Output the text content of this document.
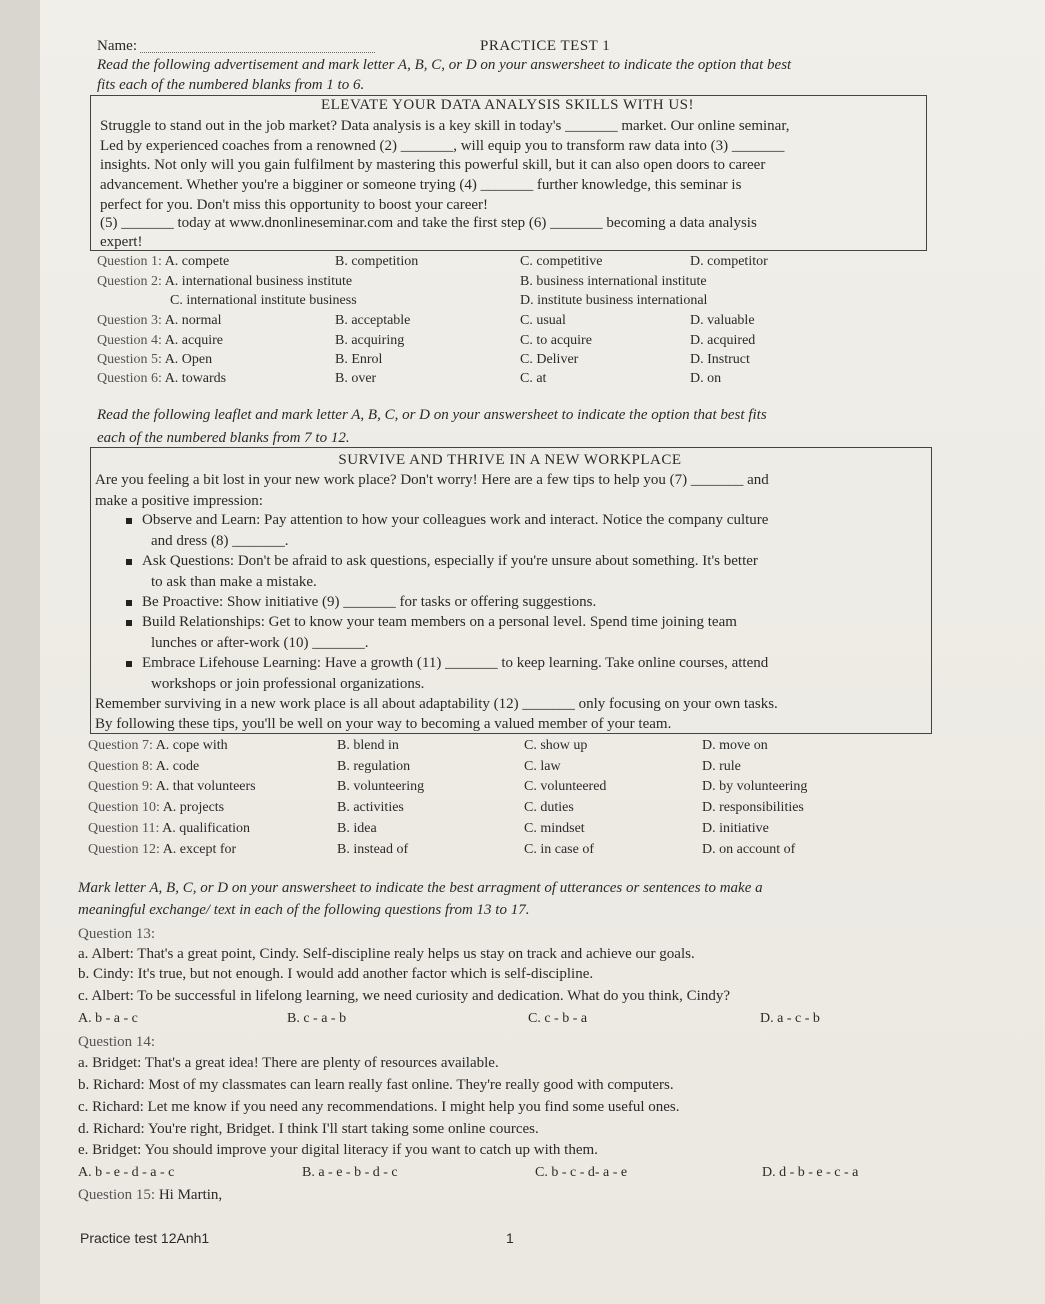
Name:	PRACTICE TEST 1
Read the following advertisement and mark letter A, B, C, or D on your answersheet to indicate the option that best
fits each of the numbered blanks from 1 to 6.
ELEVATE YOUR DATA ANALYSIS SKILLS WITH US!
Struggle to stand out in the job market? Data analysis is a key skill in today's _______ market. Our online seminar,
Led by experienced coaches from a renowned (2) _______, will equip you to transform raw data into (3) _______
insights. Not only will you gain fulfilment by mastering this powerful skill, but it can also open doors to career
advancement. Whether you're a bigginer or someone trying (4) _______ further knowledge, this seminar is
perfect for you. Don't miss this opportunity to boost your career!
(5) _______ today at www.dnonlineseminar.com and take the first step (6) _______ becoming a data analysis
expert!
Question 1: A. compete	B. competition	C. competitive	D. competitor
Question 2: A. international business institute	B. business international institute
C. international institute business	D. institute business international
Question 3: A. normal	B. acceptable	C. usual	D. valuable
Question 4: A. acquire	B. acquiring	C. to acquire	D. acquired
Question 5: A. Open	B. Enrol	C. Deliver	D. Instruct
Question 6: A. towards	B. over	C. at	D. on
Read the following leaflet and mark letter A, B, C, or D on your answersheet to indicate the option that best fits
each of the numbered blanks from 7 to 12.
SURVIVE AND THRIVE IN A NEW WORKPLACE
Are you feeling a bit lost in your new work place? Don't worry! Here are a few tips to help you (7) _______ and
make a positive impression:
Observe and Learn: Pay attention to how your colleagues work and interact. Notice the company culture
and dress (8) _______.
Ask Questions: Don't be afraid to ask questions, especially if you're unsure about something. It's better
to ask than make a mistake.
Be Proactive: Show initiative (9) _______ for tasks or offering suggestions.
Build Relationships: Get to know your team members on a personal level. Spend time joining team
lunches or after-work (10) _______.
Embrace Lifehouse Learning: Have a growth (11) _______ to keep learning. Take online courses, attend
workshops or join professional organizations.
Remember surviving in a new work place is all about adaptability (12) _______ only focusing on your own tasks.
By following these tips, you'll be well on your way to becoming a valued member of your team.
Question 7: A. cope with	B. blend in	C. show up	D. move on
Question 8: A. code	B. regulation	C. law	D. rule
Question 9: A. that volunteers	B. volunteering	C. volunteered	D. by volunteering
Question 10: A. projects	B. activities	C. duties	D. responsibilities
Question 11: A. qualification	B. idea	C. mindset	D. initiative
Question 12: A. except for	B. instead of	C. in case of	D. on account of
Mark letter A, B, C, or D on your answersheet to indicate the best arragment of utterances or sentences to make a
meaningful exchange/ text in each of the following questions from 13 to 17.
Question 13:
a. Albert: That's a great point, Cindy. Self-discipline realy helps us stay on track and achieve our goals.
b. Cindy: It's true, but not enough. I would add another factor which is self-discipline.
c. Albert: To be successful in lifelong learning, we need curiosity and dedication. What do you think, Cindy?
A. b - a - c	B. c - a - b	C. c - b - a	D. a - c - b
Question 14:
a. Bridget: That's a great idea! There are plenty of resources available.
b. Richard: Most of my classmates can learn really fast online. They're really good with computers.
c. Richard: Let me know if you need any recommendations. I might help you find some useful ones.
d. Richard: You're right, Bridget. I think I'll start taking some online cources.
e. Bridget: You should improve your digital literacy if you want to catch up with them.
A. b - e - d - a - c	B. a - e - b - d - c	C. b - c - d- a - e	D. d - b - e - c - a
Question 15: Hi Martin,
Practice test 12Anh1	1
